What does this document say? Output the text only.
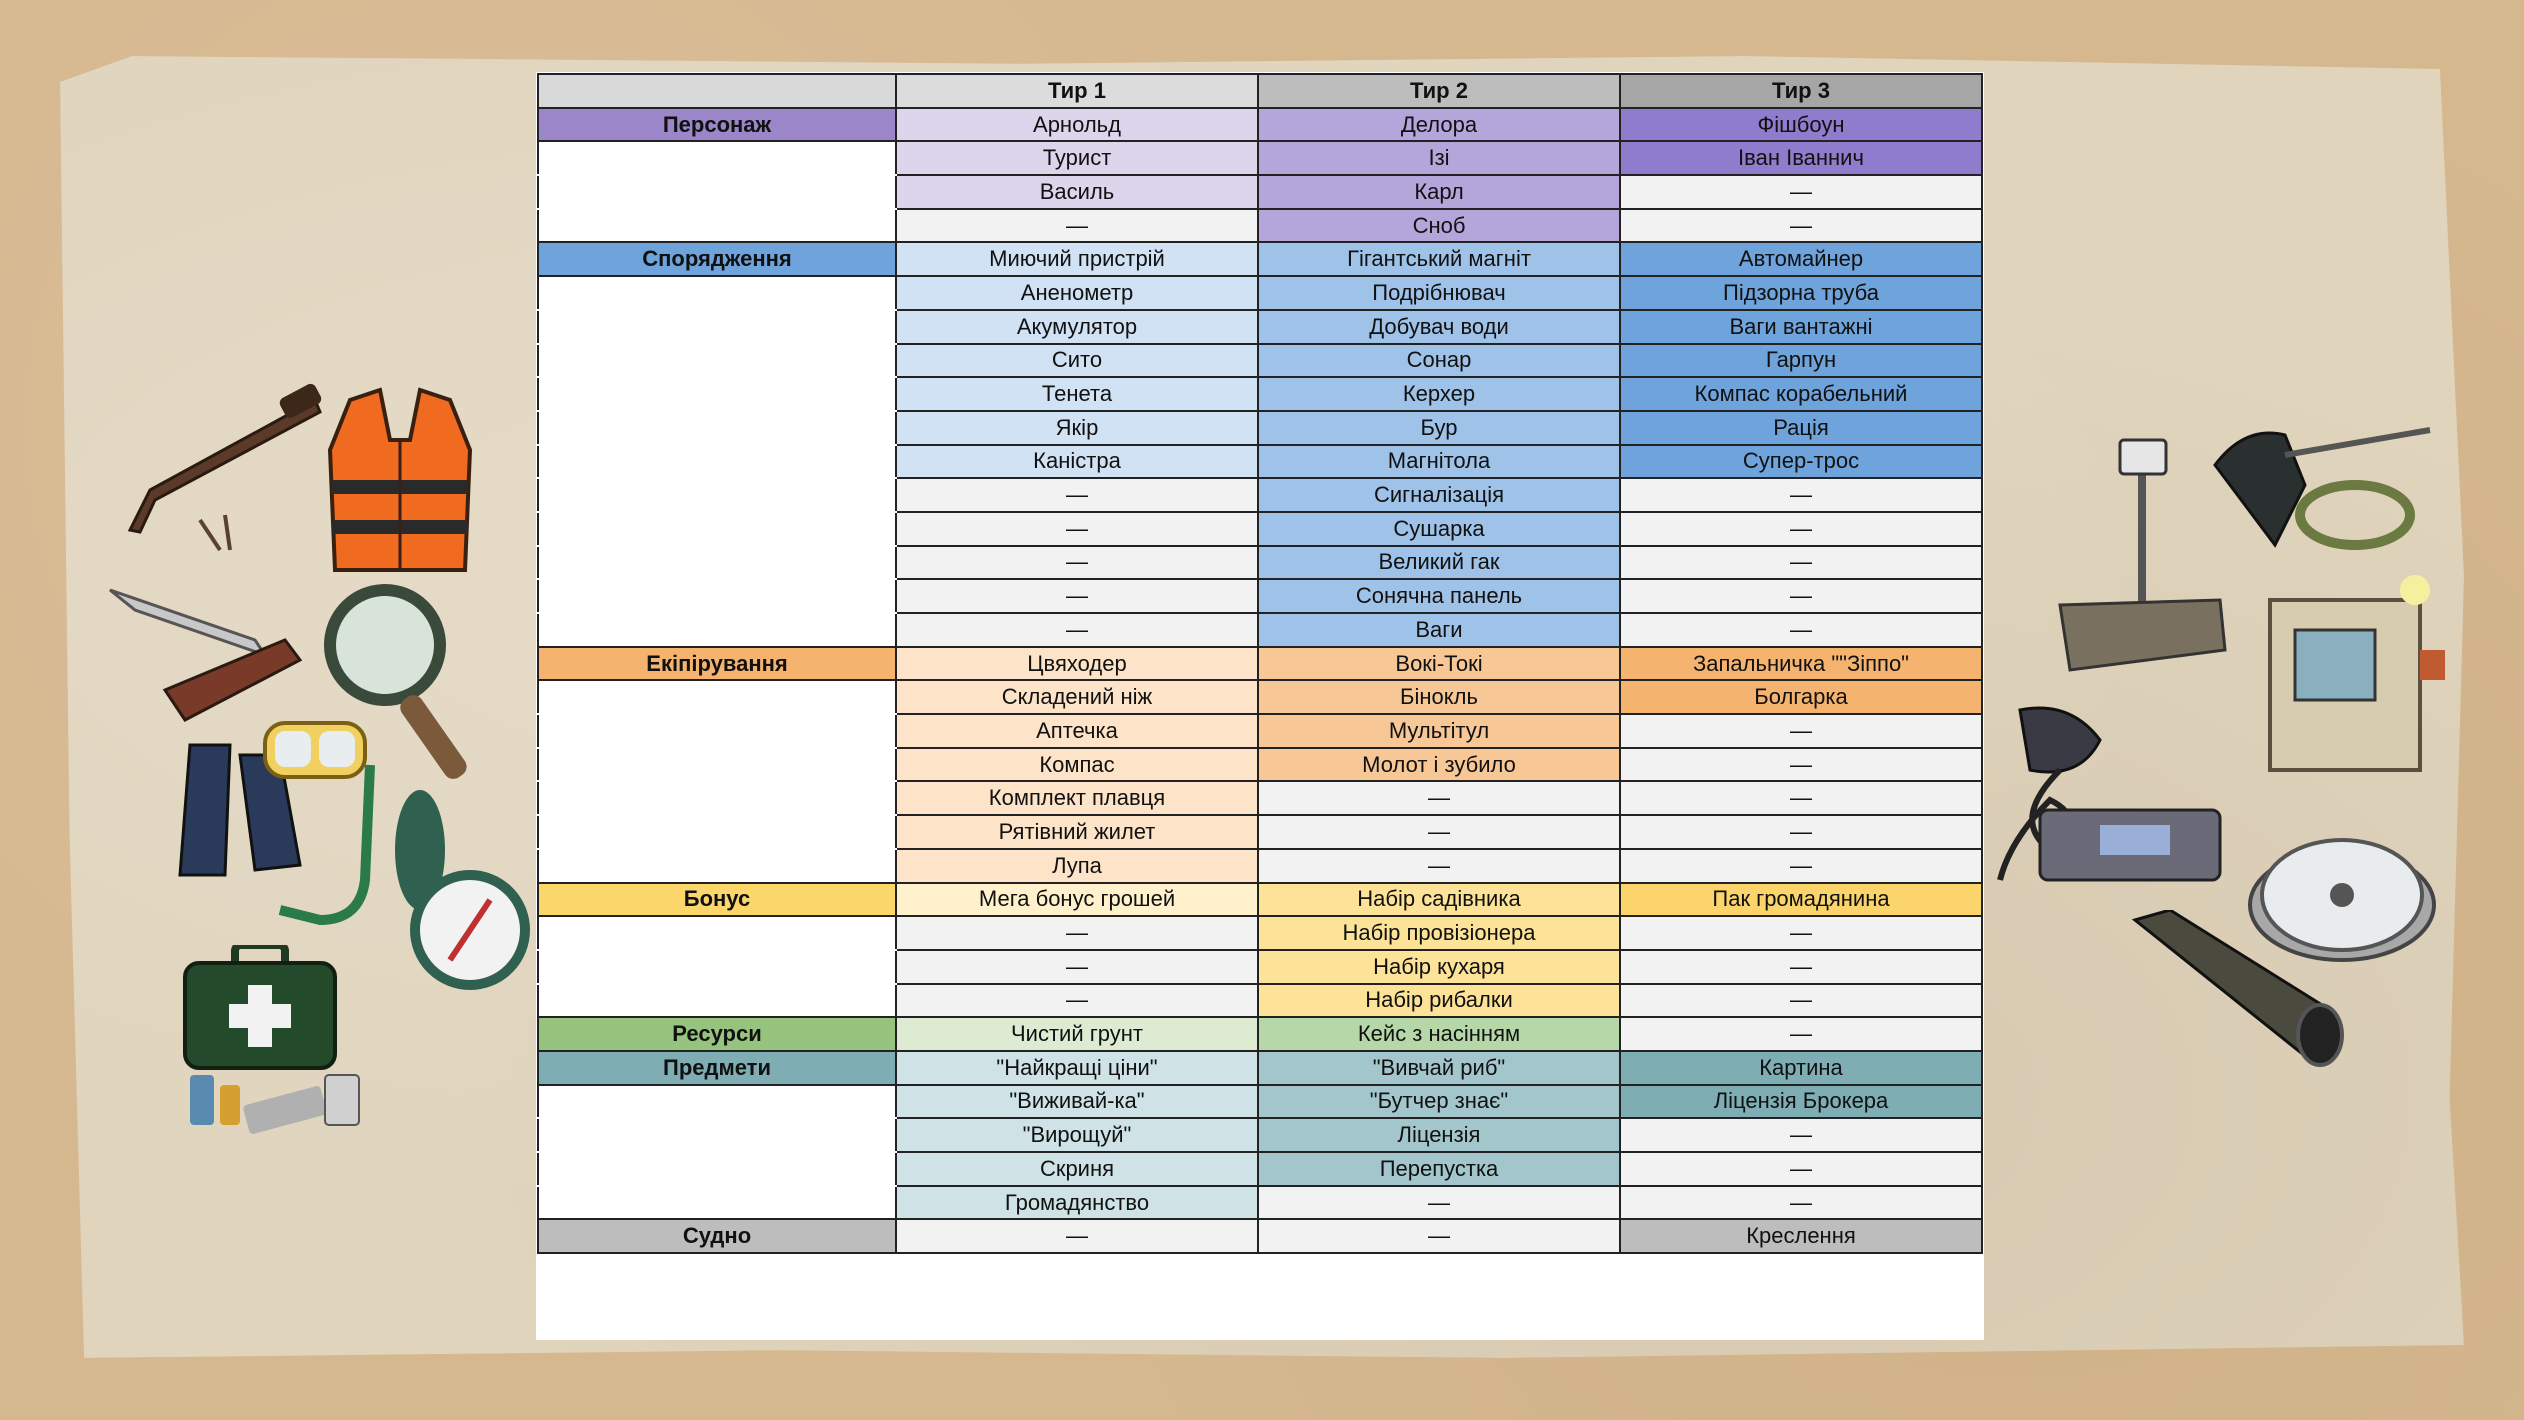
	Тир 1	Тир 2	Тир 3
Персонаж	Арнольд	Делора	Фішбоун
	Турист	Ізі	Іван Іваннич
	Василь	Карл	—
	—	Сноб	—
Спорядження	Миючий пристрій	Гігантський магніт	Автомайнер
	Аненометр	Подрібнювач	Підзорна труба
	Акумулятор	Добувач води	Ваги вантажні
	Сито	Сонар	Гарпун
	Тенета	Керхер	Компас корабельний
	Якір	Бур	Рація
	Каністра	Магнітола	Супер-трос
	—	Сигналізація	—
	—	Сушарка	—
	—	Великий гак	—
	—	Сонячна панель	—
	—	Ваги	—
Екіпірування	Цвяходер	Вокі-Токі	Запальничка ""Зіппо"
	Складений ніж	Бінокль	Болгарка
	Аптечка	Мультітул	—
	Компас	Молот і зубило	—
	Комплект плавця	—	—
	Рятівний жилет	—	—
	Лупа	—	—
Бонус	Мега бонус грошей	Набір садівника	Пак громадянина
	—	Набір провізіонера	—
	—	Набір кухаря	—
	—	Набір рибалки	—
Ресурси	Чистий грунт	Кейс з насінням	—
Предмети	"Найкращі ціни"	"Вивчай риб"	Картина
	"Виживай-ка"	"Бутчер знає"	Ліцензія Брокера
	"Вирощуй"	Ліцензія	—
	Скриня	Перепустка	—
	Громадянство	—	—
Судно	—	—	Креслення
